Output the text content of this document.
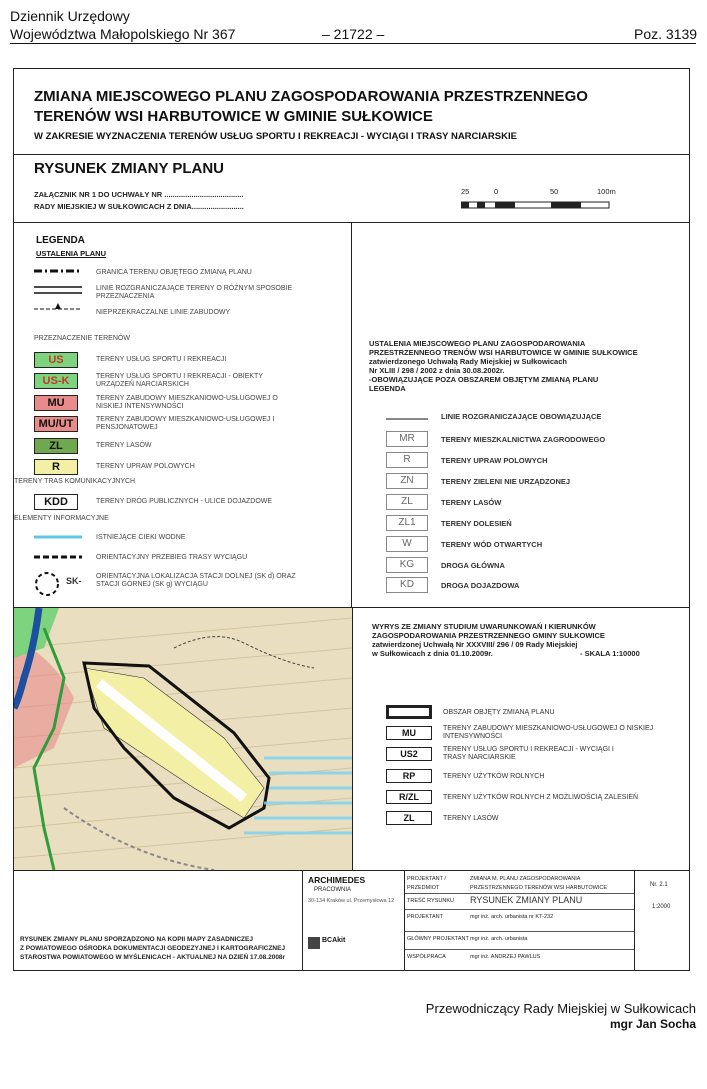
Dziennik Urzędowy
Województwa Małopolskiego Nr 367	– 21722 –	Poz. 3139
ZMIANA MIEJSCOWEGO PLANU ZAGOSPODAROWANIA PRZESTRZENNEGO
TERENÓW WSI HARBUTOWICE W GMINIE SUŁKOWICE
W ZAKRESIE WYZNACZENIA TERENÓW USŁUG SPORTU I REKREACJI - WYCIĄGI I TRASY NARCIARSKIE
RYSUNEK ZMIANY PLANU
ZAŁĄCZNIK NR 1 DO UCHWAŁY NR ......................................
RADY MIEJSKIEJ W SUŁKOWICACH Z DNIA.........................
25	0	50	100m
LEGENDA
USTALENIA PLANU
GRANICA TERENU OBJĘTEGO ZMIANĄ PLANU
LINIE ROZGRANICZAJĄCE TERENY O RÓŻNYM SPOSOBIE PRZEZNACZENIA
NIEPRZEKRACZALNE LINIE ZABUDOWY
PRZEZNACZENIE TERENÓW
US	TERENY USŁUG SPORTU I REKREACJI
US-K	TERENY USŁUG SPORTU I REKREACJI - OBIEKTY URZĄDZEŃ NARCIARSKICH
MU	TERENY ZABUDOWY MIESZKANIOWO-USŁUGOWEJ O NISKIEJ INTENSYWNOŚCI
MU/UT	TERENY ZABUDOWY MIESZKANIOWO-USŁUGOWEJ I PENSJONATOWEJ
ZL	TERENY LASÓW
R	TERENY UPRAW POLOWYCH
TERENY TRAS KOMUNIKACYJNYCH
KDD	TERENY DRÓG PUBLICZNYCH - ULICE DOJAZDOWE
ELEMENTY INFORMACYJNE
ISTNIEJĄCE CIEKI WODNE
ORIENTACYJNY PRZEBIEG TRASY WYCIĄGU
SK- ORIENTACYJNA LOKALIZACJA STACJI DOLNEJ (SK d) ORAZ STACJI GÓRNEJ (SK g) WYCIĄGU
USTALENIA MIEJSCOWEGO PLANU ZAGOSPODAROWANIA
PRZESTRZENNEGO TRENÓW WSI HARBUTOWICE W GMINIE SUŁKOWICE
zatwierdzonego Uchwałą Rady Miejskiej w Sułkowicach
Nr XLIII / 298 / 2002 z dnia 30.08.2002r.
-OBOWIĄZUJĄCE POZA OBSZAREM OBJĘTYM ZMIANĄ PLANU
LEGENDA
LINIE ROZGRANICZAJĄCE OBOWIĄZUJĄCE
MR	TERENY MIESZKALNICTWA ZAGRODOWEGO
R	TERENY UPRAW POLOWYCH
ZN	TERENY ZIELENI NIE URZĄDZONEJ
ZL	TERENY LASÓW
ZL1	TERENY DOLESIEŃ
W	TERENY WÓD OTWARTYCH
KG	DROGA GŁÓWNA
KD	DROGA DOJAZDOWA
WYRYS ZE ZMIANY STUDIUM UWARUNKOWAŃ I KIERUNKÓW
ZAGOSPODAROWANIA PRZESTRZENNEGO GMINY SUŁKOWICE
zatwierdzonej Uchwałą Nr XXXVIII/ 296 / 09 Rady Miejskiej
w Sułkowicach z dnia 01.10.2009r.	- SKALA 1:10000
OBSZAR OBJĘTY ZMIANĄ PLANU
MU	TERENY ZABUDOWY MIESZKANIOWO-USŁUGOWEJ O NISKIEJ INTENSYWNOŚCI
US2	TERENY USŁUG SPORTU I REKREACJI - WYCIĄGI I TRASY NARCIARSKIE
RP	TERENY UŻYTKÓW ROLNYCH
R/ZL	TERENY UŻYTKÓW ROLNYCH Z MOŻLIWOŚCIĄ ZALESIEŃ
ZL	TERENY LASÓW
RYSUNEK ZMIANY PLANU SPORZĄDZONO NA KOPII MAPY ZASADNICZEJ
Z POWIATOWEGO OŚRODKA DOKUMENTACJI GEODEZYJNEJ I KARTOGRAFICZNEJ
STAROSTWA POWIATOWEGO W MYŚLENICACH - AKTUALNEJ NA DZIEŃ 17.08.2008r
ARCHIMEDES
PRACOWNIA
30-134 Kraków ul. Przemysłowa 12
BCAkit
PROJEKTANT / PRZEDMIOT
ZMIANA M. PLANU ZAGOSPODAROWANIA PRZESTRZENNEGO TERENÓW WSI HARBUTOWICE
TREŚĆ RYSUNKU RYSUNEK ZMIANY PLANU
PROJEKTANT	mgr inż. arch. urbanista nr KT-232
GŁÓWNY PROJEKTANT mgr inż. arch. urbanista
WSPÓŁPRACA	mgr inż. ANDRZEJ PAWLUS
Nr. 2.1
1:2000
Przewodniczący Rady Miejskiej w Sułkowicach
mgr Jan Socha
